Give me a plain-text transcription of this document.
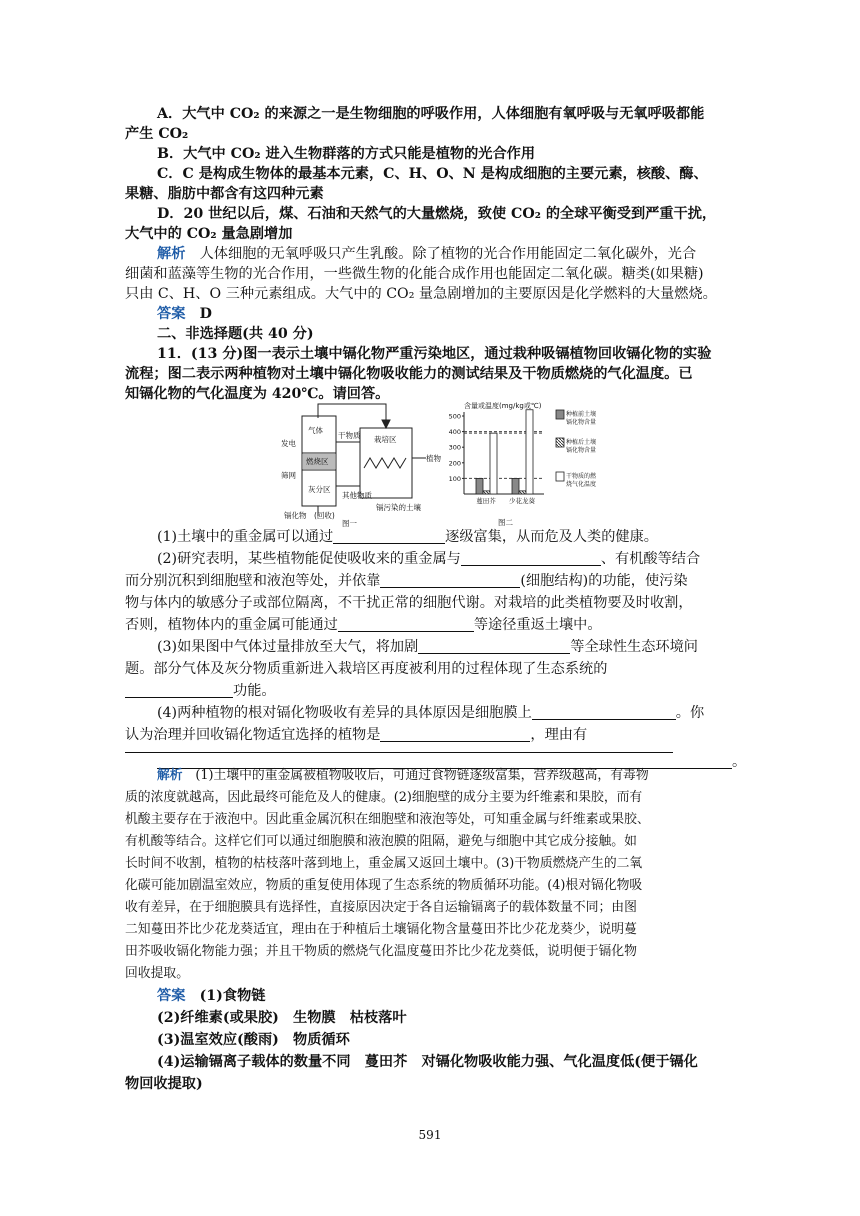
A．大气中 CO₂ 的来源之一是生物细胞的呼吸作用，人体细胞有氧呼吸与无氧呼吸都能
产生 CO₂
B．大气中 CO₂ 进入生物群落的方式只能是植物的光合作用
C．C 是构成生物体的最基本元素，C、H、O、N 是构成细胞的主要元素，核酸、酶、
果糖、脂肪中都含有这四种元素
D．20 世纪以后，煤、石油和天然气的大量燃烧，致使 CO₂ 的全球平衡受到严重干扰，
大气中的 CO₂ 量急剧增加
解析　 人体细胞的无氧呼吸只产生乳酸。除了植物的光合作用能固定二氧化碳外，光合
细菌和蓝藻等生物的光合作用，一些微生物的化能合成作用也能固定二氧化碳。糖类(如果糖)
只由 C、H、O 三种元素组成。大气中的 CO₂ 量急剧增加的主要原因是化学燃料的大量燃烧。
答案　 D
二、非选择题(共 40 分)
11．(13 分)图一表示土壤中镉化物严重污染地区，通过栽种吸镉植物回收镉化物的实验
流程；图二表示两种植物对土壤中镉化物吸收能力的测试结果及干物质燃烧的气化温度。已
知镉化物的气化温度为 420℃。请回答。
气体
干物质 栽培区
植物
发电
燃烧区
筛网
灰分区
其他物质
镉污染的土壤
镉化物 (回收)
图一
含量或温度(mg/kg或℃)
100
200
300
400
500
蔓田芥 少花龙葵
种植前土壤镉化物含量
种植后土壤镉化物含量
干物质的燃烧气化温度
图二
(1)土壤中的重金属可以通过	逐级富集，从而危及人类的健康。
(2)研究表明，某些植物能促使吸收来的重金属与	、有机酸等结合
而分别沉积到细胞壁和液泡等处，并依靠	(细胞结构)的功能，使污染
物与体内的敏感分子或部位隔离，不干扰正常的细胞代谢。对栽培的此类植物要及时收割，
否则，植物体内的重金属可能通过	等途径重返土壤中。
(3)如果图中气体过量排放至大气，将加剧	等全球性生态环境问
题。部分气体及灰分物质重新进入栽培区再度被利用的过程体现了生态系统的
功能。
(4)两种植物的根对镉化物吸收有差异的具体原因是细胞膜上	。你
认为治理并回收镉化物适宜选择的植物是	，理由有
。
解析　 (1)土壤中的重金属被植物吸收后，可通过食物链逐级富集，营养级越高，有毒物
质的浓度就越高，因此最终可能危及人的健康。(2)细胞壁的成分主要为纤维素和果胶，而有
机酸主要存在于液泡中。因此重金属沉积在细胞壁和液泡等处，可知重金属与纤维素或果胶、
有机酸等结合。这样它们可以通过细胞膜和液泡膜的阻隔，避免与细胞中其它成分接触。如
长时间不收割，植物的枯枝落叶落到地上，重金属又返回土壤中。(3)干物质燃烧产生的二氧
化碳可能加剧温室效应，物质的重复使用体现了生态系统的物质循环功能。(4)根对镉化物吸
收有差异，在于细胞膜具有选择性，直接原因决定于各自运输镉离子的载体数量不同；由图
二知蔓田芥比少花龙葵适宜，理由在于种植后土壤镉化物含量蔓田芥比少花龙葵少，说明蔓
田芥吸收镉化物能力强；并且干物质的燃烧气化温度蔓田芥比少花龙葵低，说明便于镉化物
回收提取。
答案　 (1)食物链
(2)纤维素(或果胶)　生物膜　枯枝落叶
(3)温室效应(酸雨)　物质循环
(4)运输镉离子载体的数量不同　蔓田芥　对镉化物吸收能力强、气化温度低(便于镉化
物回收提取)
591
